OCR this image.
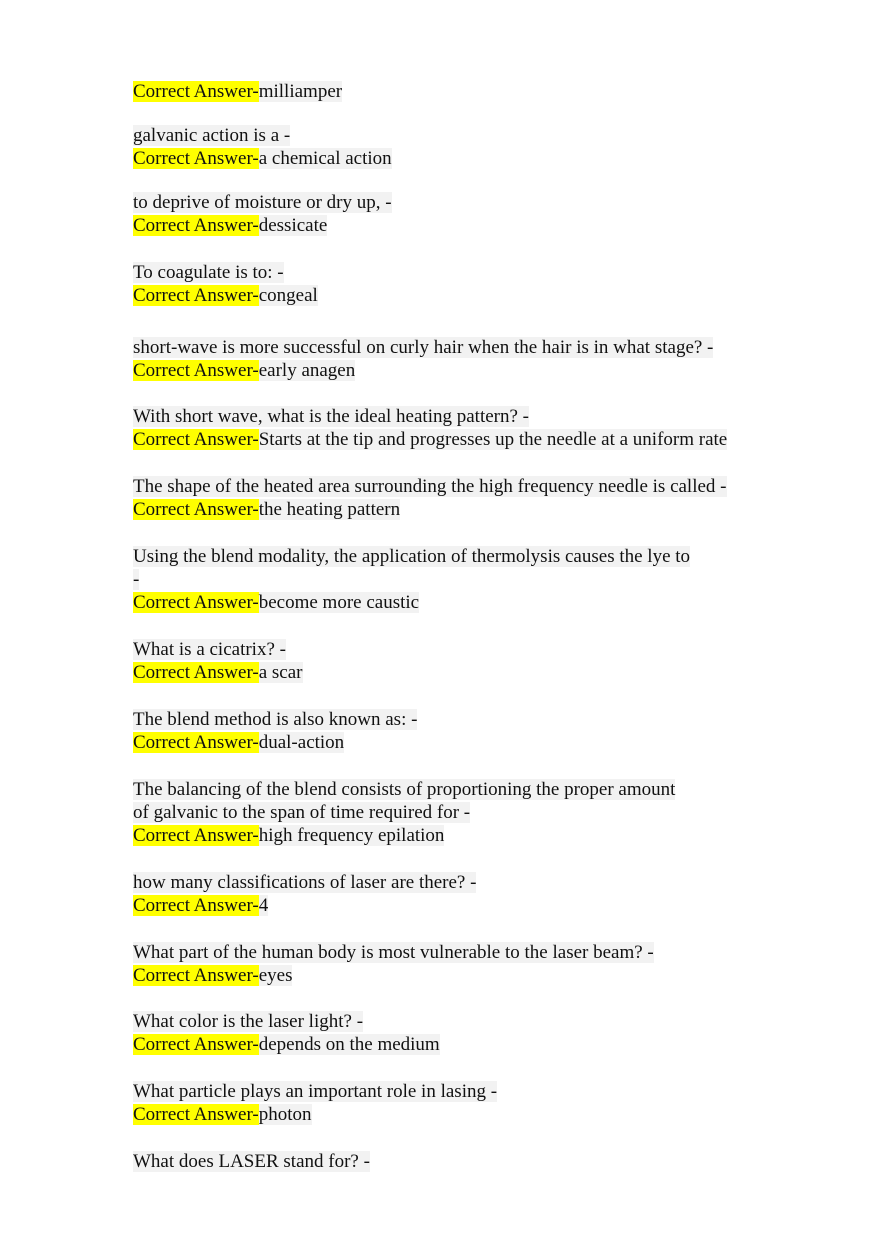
Correct Answer-milliamper
galvanic action is a -
Correct Answer-a chemical action
to deprive of moisture or dry up, -
Correct Answer-dessicate
To coagulate is to: -
Correct Answer-congeal
short-wave is more successful on curly hair when the hair is in what stage? -
Correct Answer-early anagen
With short wave, what is the ideal heating pattern? -
Correct Answer-Starts at the tip and progresses up the needle at a uniform rate
The shape of the heated area surrounding the high frequency needle is called -
Correct Answer-the heating pattern
Using the blend modality, the application of thermolysis causes the lye to
-
Correct Answer-become more caustic
What is a cicatrix? -
Correct Answer-a scar
The blend method is also known as: -
Correct Answer-dual-action
The balancing of the blend consists of proportioning the proper amount
of galvanic to the span of time required for -
Correct Answer-high frequency epilation
how many classifications of laser are there? -
Correct Answer-4
What part of the human body is most vulnerable to the laser beam? -
Correct Answer-eyes
What color is the laser light? -
Correct Answer-depends on the medium
What particle plays an important role in lasing -
Correct Answer-photon
What does LASER stand for? -
